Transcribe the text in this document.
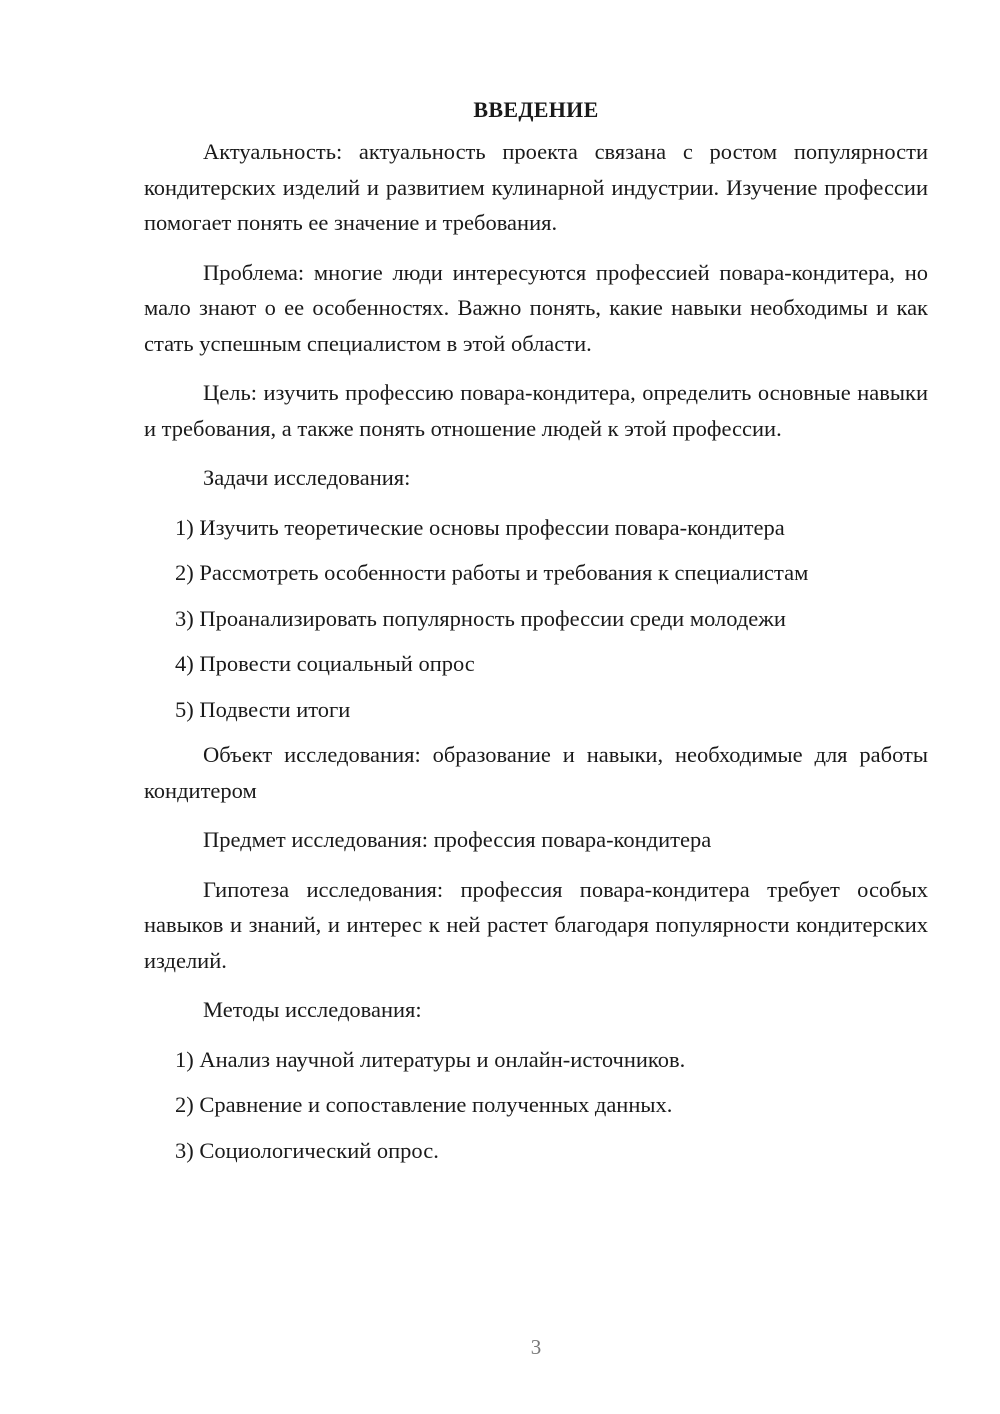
ВВЕДЕНИЕ

Актуальность: актуальность проекта связана с ростом популярности кондитерских изделий и развитием кулинарной индустрии. Изучение профессии помогает понять ее значение и требования.

Проблема: многие люди интересуются профессией повара-кондитера, но мало знают о ее особенностях. Важно понять, какие навыки необходимы и как стать успешным специалистом в этой области.

Цель: изучить профессию повара-кондитера, определить основные навыки и требования, а также понять отношение людей к этой профессии.

Задачи исследования:

1) Изучить теоретические основы профессии повара-кондитера

2) Рассмотреть особенности работы и требования к специалистам

3) Проанализировать популярность профессии среди молодежи

4) Провести социальный опрос

5) Подвести итоги

Объект исследования: образование и навыки, необходимые для работы кондитером

Предмет исследования: профессия повара-кондитера

Гипотеза исследования: профессия повара-кондитера требует особых навыков и знаний, и интерес к ней растет благодаря популярности кондитерских изделий.

Методы исследования:

1) Анализ научной литературы и онлайн-источников.

2) Сравнение и сопоставление полученных данных.

3) Социологический опрос.

3
